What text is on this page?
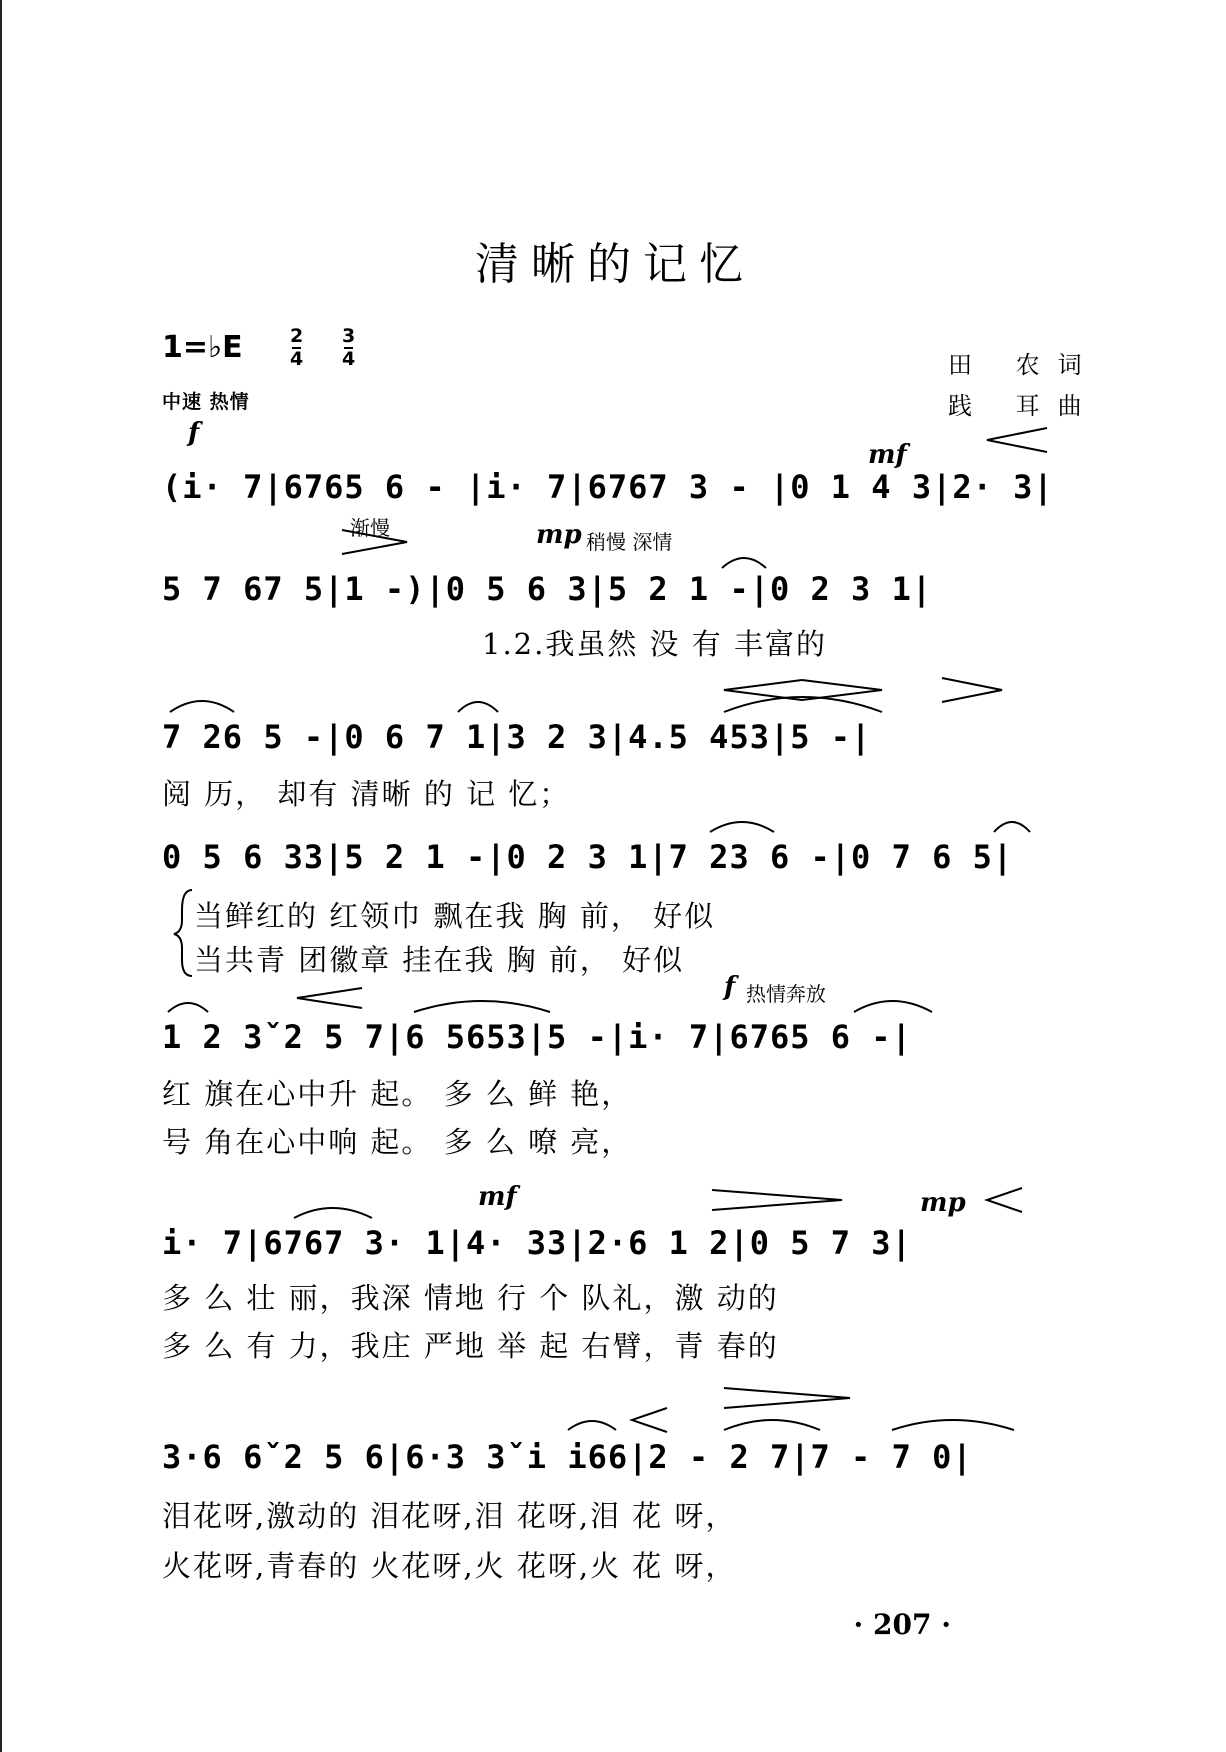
清晰的记忆
1=♭E 2
4
3
4
中速 热情
田 农词
践 耳曲
f
mf
(i· 7|6765 6 - |i· 7|6767 3 - |0 1 4 3|2· 3|
渐慢	mp 稍慢 深情
5 7 67 5|1 -)|0 5 6 3|5 2 1 -|0 2 3 1|
1.2.我虽然 没 有 丰富的
7 26 5 -|0 6 7 1|3 2 3|4.5 453|5 -|
阅 历， 却有 清晰 的 记 忆；
0 5 6 33|5 2 1 -|0 2 3 1|7 23 6 -|0 7 6 5|
当鲜红的 红领巾 飘在我 胸 前， 好似
当共青 团徽章 挂在我 胸 前， 好似
f 热情奔放
1 2 3ˇ2 5 7|6 5653|5 -|i· 7|6765 6 -|
红 旗在心中升 起。 多 么 鲜 艳，
号 角在心中响 起。 多 么 嘹 亮，
mf	mp
i· 7|6767 3· 1|4· 33|2·6 1 2|0 5 7 3|
多 么 壮 丽，我深 情地 行 个 队礼，激 动的
多 么 有 力，我庄 严地 举 起 右臂，青 春的
3·6 6ˇ2 5 6|6·3 3ˇi i66|2 - 2 7|7 - 7 0|
泪花呀,激动的 泪花呀,泪 花呀,泪 花 呀，
火花呀,青春的 火花呀,火 花呀,火 花 呀，
· 207 ·
